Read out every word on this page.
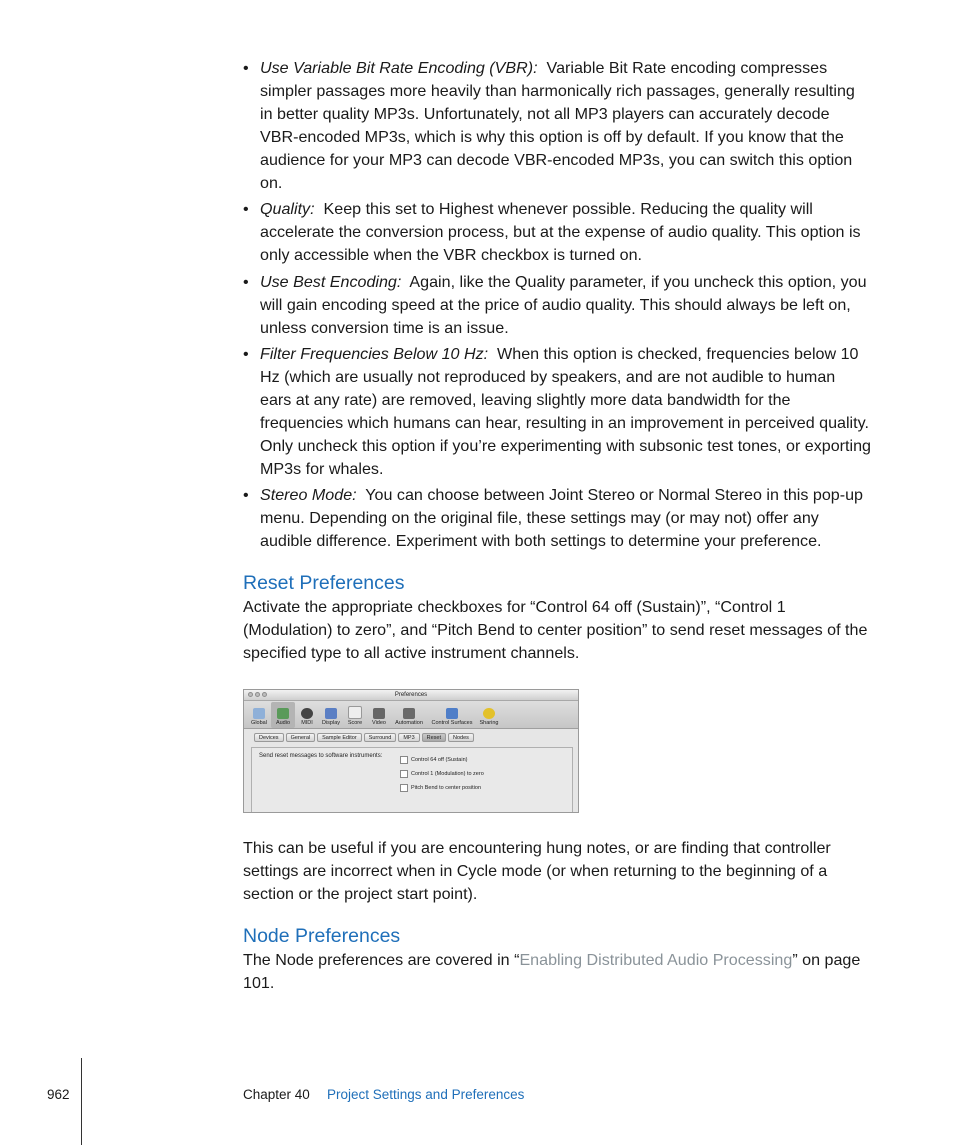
• Use Variable Bit Rate Encoding (VBR): Variable Bit Rate encoding compresses simpler passages more heavily than harmonically rich passages, generally resulting in better quality MP3s. Unfortunately, not all MP3 players can accurately decode VBR-encoded MP3s, which is why this option is off by default. If you know that the audience for your MP3 can decode VBR-encoded MP3s, you can switch this option on.
• Quality: Keep this set to Highest whenever possible. Reducing the quality will accelerate the conversion process, but at the expense of audio quality. This option is only accessible when the VBR checkbox is turned on.
• Use Best Encoding: Again, like the Quality parameter, if you uncheck this option, you will gain encoding speed at the price of audio quality. This should always be left on, unless conversion time is an issue.
• Filter Frequencies Below 10 Hz: When this option is checked, frequencies below 10 Hz (which are usually not reproduced by speakers, and are not audible to human ears at any rate) are removed, leaving slightly more data bandwidth for the frequencies which humans can hear, resulting in an improvement in perceived quality. Only uncheck this option if you’re experimenting with subsonic test tones, or exporting MP3s for whales.
• Stereo Mode: You can choose between Joint Stereo or Normal Stereo in this pop-up menu. Depending on the original file, these settings may (or may not) offer any audible difference. Experiment with both settings to determine your preference.
Reset Preferences

Activate the appropriate checkboxes for “Control 64 off (Sustain)”, “Control 1 (Modulation) to zero”, and “Pitch Bend to center position” to send reset messages of the specified type to all active instrument channels.

Preferences
Global Audio MIDI Display Score Video Automation Control Surfaces Sharing
Devices	General	Sample Editor	Surround	MP3	Reset	Nodes
Send reset messages to software instruments:
Control 64 off (Sustain)
Control 1 (Modulation) to zero
Pitch Bend to center position

This can be useful if you are encountering hung notes, or are finding that controller settings are incorrect when in Cycle mode (or when returning to the beginning of a section or the project start point).

Node Preferences

The Node preferences are covered in “Enabling Distributed Audio Processing” on page 101.

962	Chapter 40 Project Settings and Preferences
